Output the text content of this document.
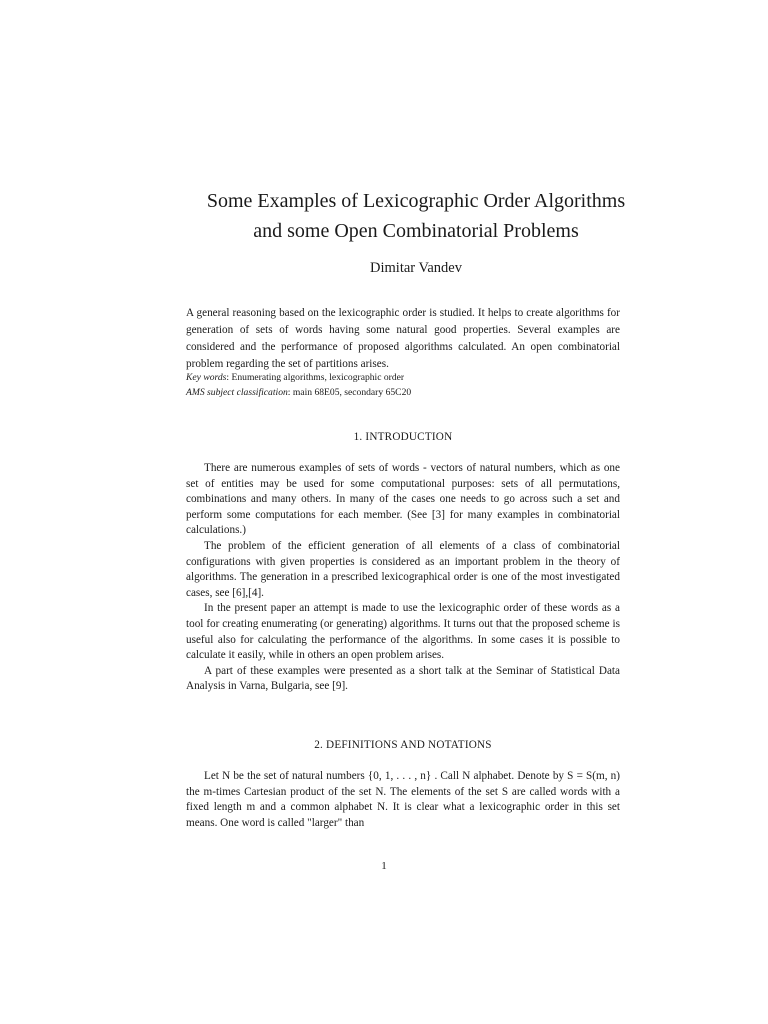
Some Examples of Lexicographic Order Algorithms
and some Open Combinatorial Problems
Dimitar Vandev

A general reasoning based on the lexicographic order is studied. It helps to create algorithms for generation of sets of words having some natural good properties. Several examples are considered and the performance of proposed algorithms calculated. An open combinatorial problem regarding the set of partitions arises.

Key words: Enumerating algorithms, lexicographic order
AMS subject classification: main 68E05, secondary 65C20
1. INTRODUCTION

There are numerous examples of sets of words - vectors of natural numbers, which as one set of entities may be used for some computational purposes: sets of all permutations, combinations and many others. In many of the cases one needs to go across such a set and perform some computations for each member. (See [3] for many examples in combinatorial calculations.)

The problem of the efficient generation of all elements of a class of combinatorial configurations with given properties is considered as an important problem in the theory of algorithms. The generation in a prescribed lexicographical order is one of the most investigated cases, see [6],[4].

In the present paper an attempt is made to use the lexicographic order of these words as a tool for creating enumerating (or generating) algorithms. It turns out that the proposed scheme is useful also for calculating the performance of the algorithms. In some cases it is possible to calculate it easily, while in others an open problem arises.

A part of these examples were presented as a short talk at the Seminar of Statistical Data Analysis in Varna, Bulgaria, see [9].

2. DEFINITIONS AND NOTATIONS

Let N be the set of natural numbers {0, 1, . . . , n} . Call N alphabet. Denote by S = S(m, n) the m-times Cartesian product of the set N. The elements of the set S are called words with a fixed length m and a common alphabet N. It is clear what a lexicographic order in this set means. One word is called "larger" than

1
